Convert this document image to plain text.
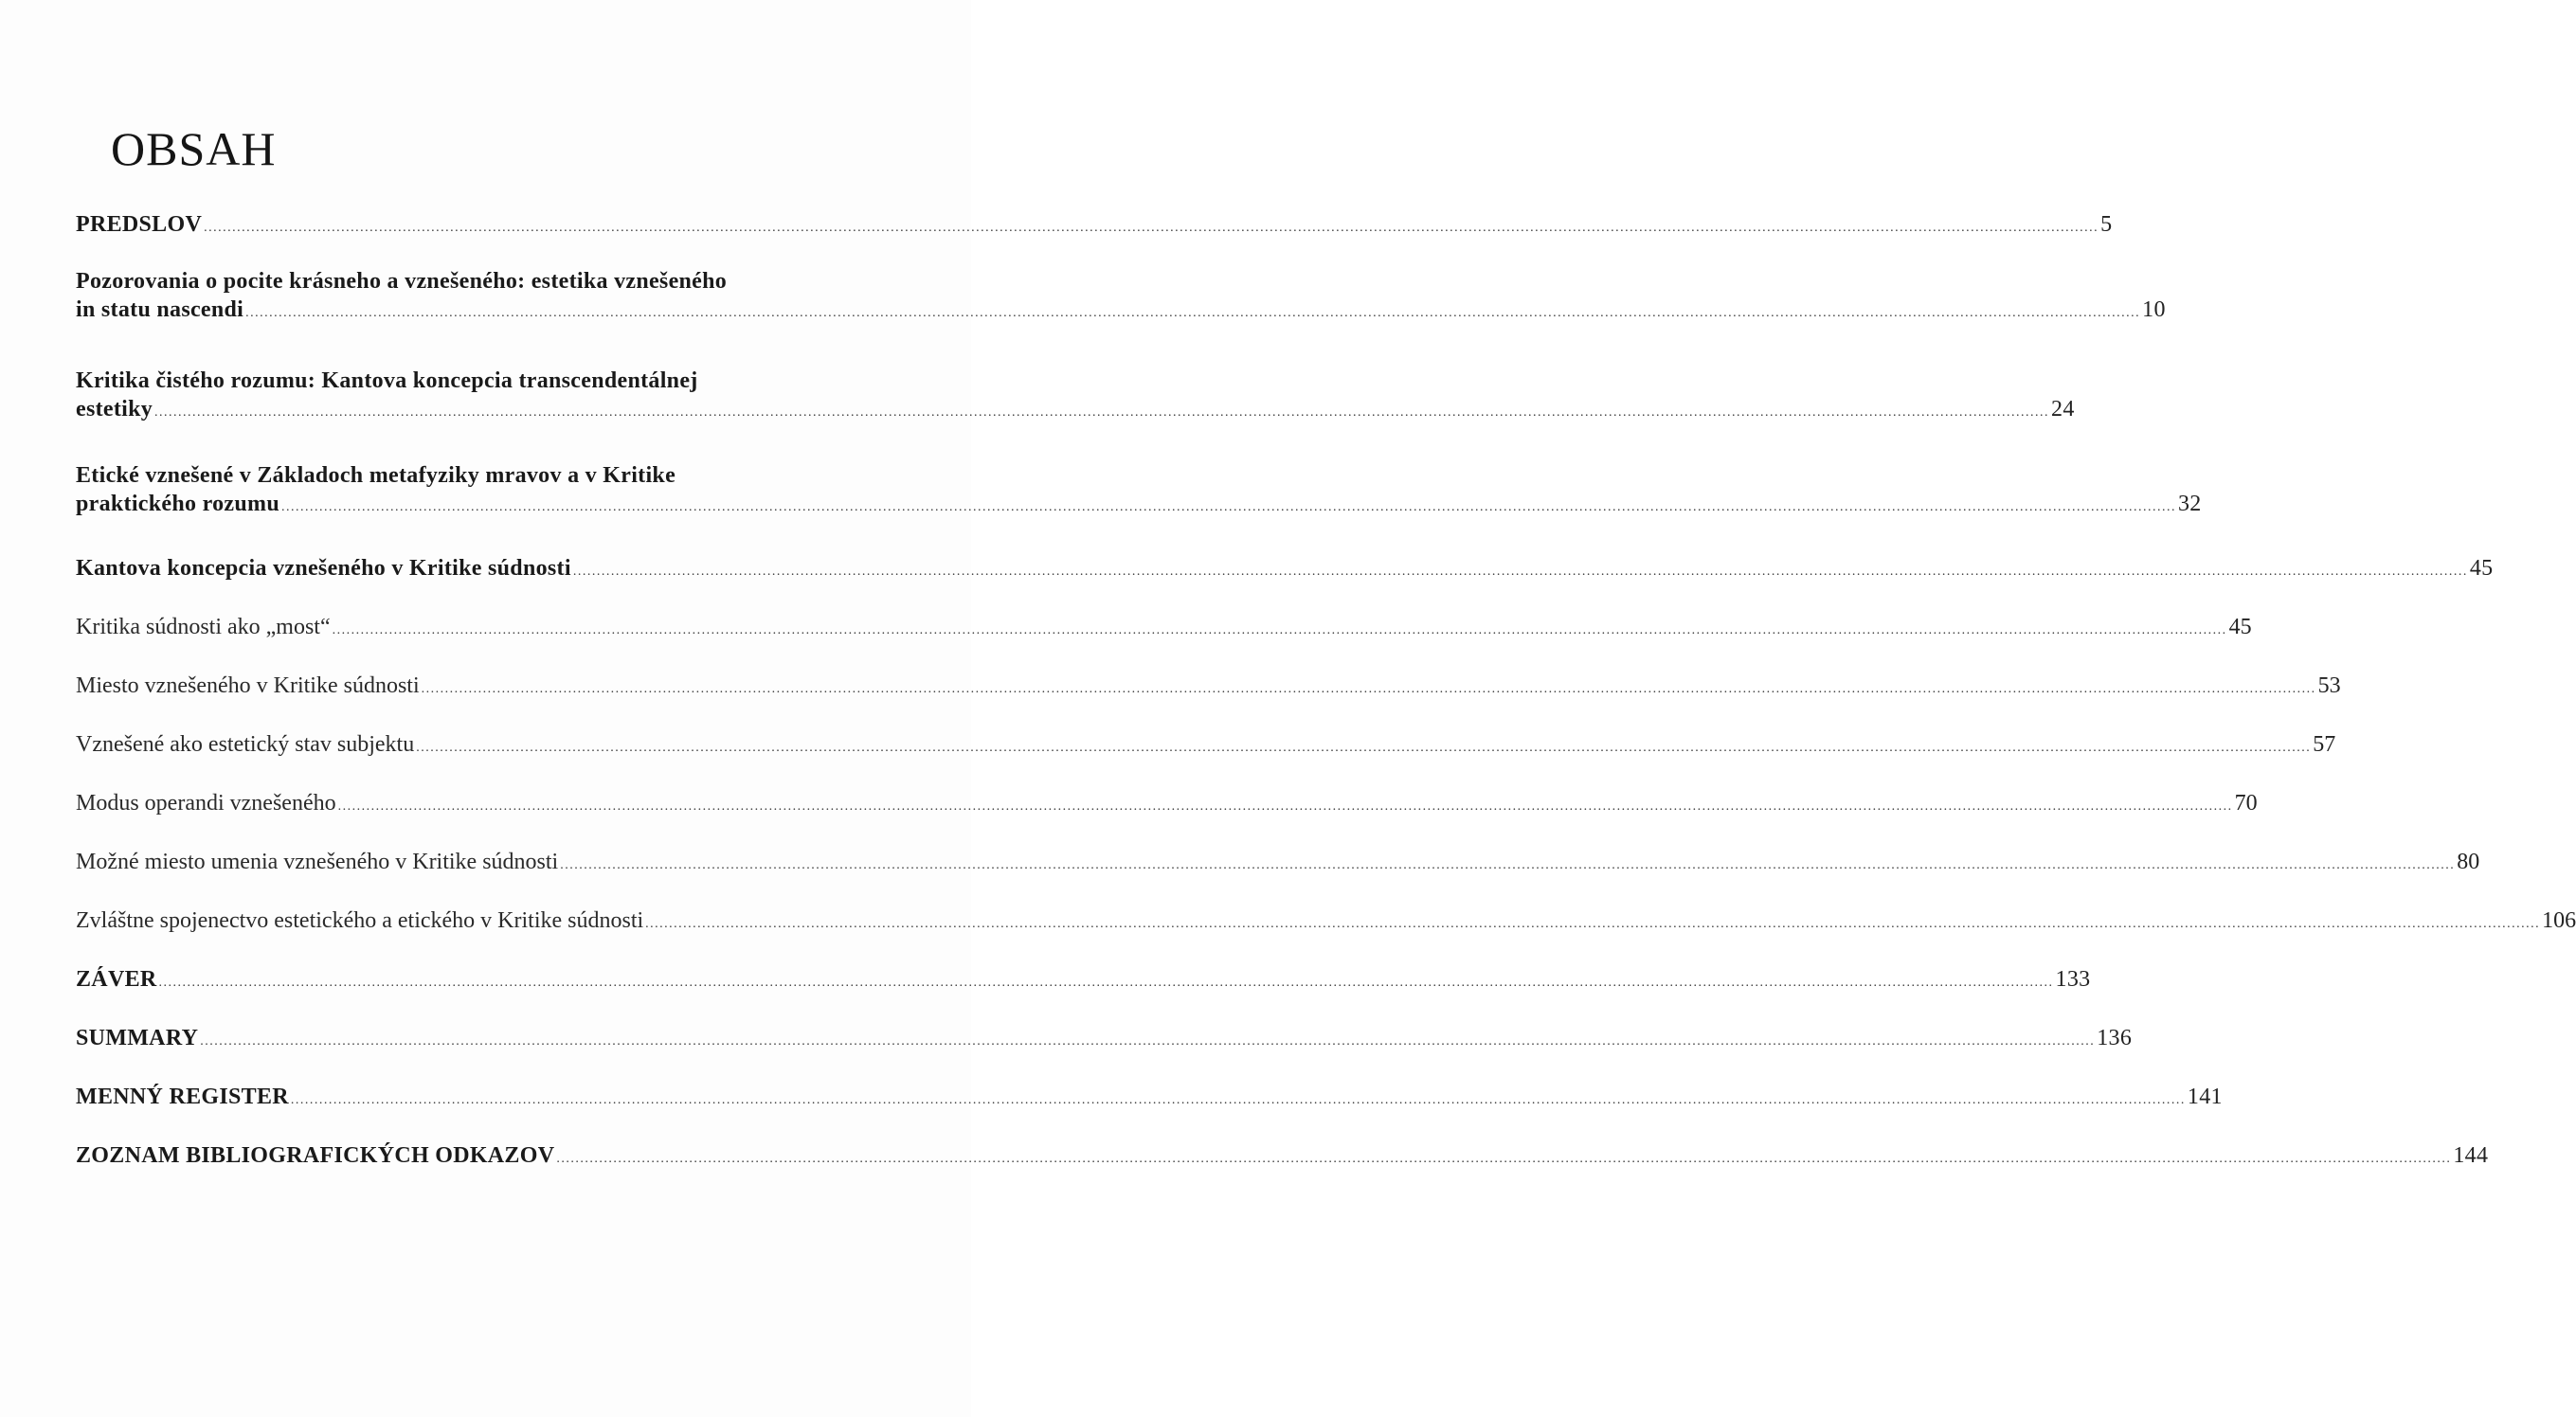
OBSAH
PREDSLOV ................................................................................................................................................................................................................................................................................................................................................................................................................ 5
Pozorovania o pocite krásneho a vznešeného: estetika vznešeného
in statu nascendi ................................................................................................................................................................................................................................................................................................................................................................................................................ 10
Kritika čistého rozumu: Kantova koncepcia transcendentálnej
estetiky ................................................................................................................................................................................................................................................................................................................................................................................................................ 24
Etické vznešené v Základoch metafyziky mravov a v Kritike
praktického rozumu ................................................................................................................................................................................................................................................................................................................................................................................................................ 32
Kantova koncepcia vznešeného v Kritike súdnosti ................................................................................................................................................................................................................................................................................................................................................................................................................ 45
Kritika súdnosti ako „most“ ................................................................................................................................................................................................................................................................................................................................................................................................................ 45
Miesto vznešeného v Kritike súdnosti ................................................................................................................................................................................................................................................................................................................................................................................................................ 53
Vznešené ako estetický stav subjektu ................................................................................................................................................................................................................................................................................................................................................................................................................ 57
Modus operandi vznešeného ................................................................................................................................................................................................................................................................................................................................................................................................................ 70
Možné miesto umenia vznešeného v Kritike súdnosti ................................................................................................................................................................................................................................................................................................................................................................................................................ 80
Zvláštne spojenectvo estetického a etického v Kritike súdnosti ................................................................................................................................................................................................................................................................................................................................................................................................................ 106
ZÁVER ................................................................................................................................................................................................................................................................................................................................................................................................................ 133
SUMMARY ................................................................................................................................................................................................................................................................................................................................................................................................................ 136
MENNÝ REGISTER ................................................................................................................................................................................................................................................................................................................................................................................................................ 141
ZOZNAM BIBLIOGRAFICKÝCH ODKAZOV ................................................................................................................................................................................................................................................................................................................................................................................................................ 144
